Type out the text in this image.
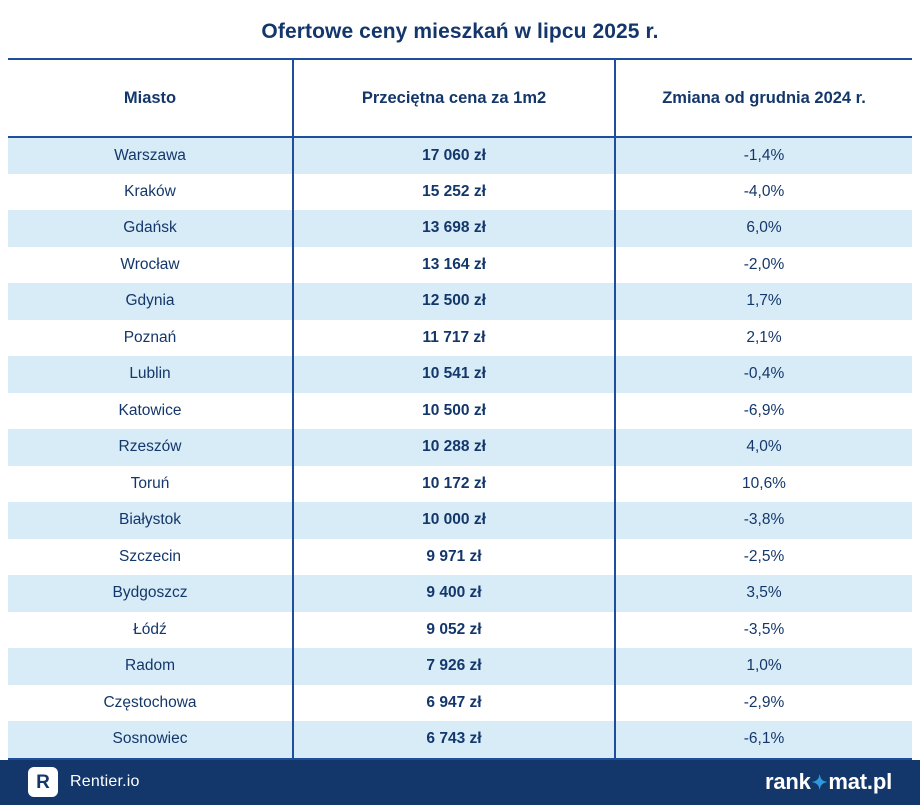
Ofertowe ceny mieszkań w lipcu 2025 r.
Miasto	Przeciętna cena za 1m2	Zmiana od grudnia 2024 r.
Warszawa	17 060 zł	-1,4%
Kraków	15 252 zł	-4,0%
Gdańsk	13 698 zł	6,0%
Wrocław	13 164 zł	-2,0%
Gdynia	12 500 zł	1,7%
Poznań	11 717 zł	2,1%
Lublin	10 541 zł	-0,4%
Katowice	10 500 zł	-6,9%
Rzeszów	10 288 zł	4,0%
Toruń	10 172 zł	10,6%
Białystok	10 000 zł	-3,8%
Szczecin	9 971 zł	-2,5%
Bydgoszcz	9 400 zł	3,5%
Łódź	9 052 zł	-3,5%
Radom	7 926 zł	1,0%
Częstochowa	6 947 zł	-2,9%
Sosnowiec	6 743 zł	-6,1%
R	Rentier.io	rank ✦ mat.pl
